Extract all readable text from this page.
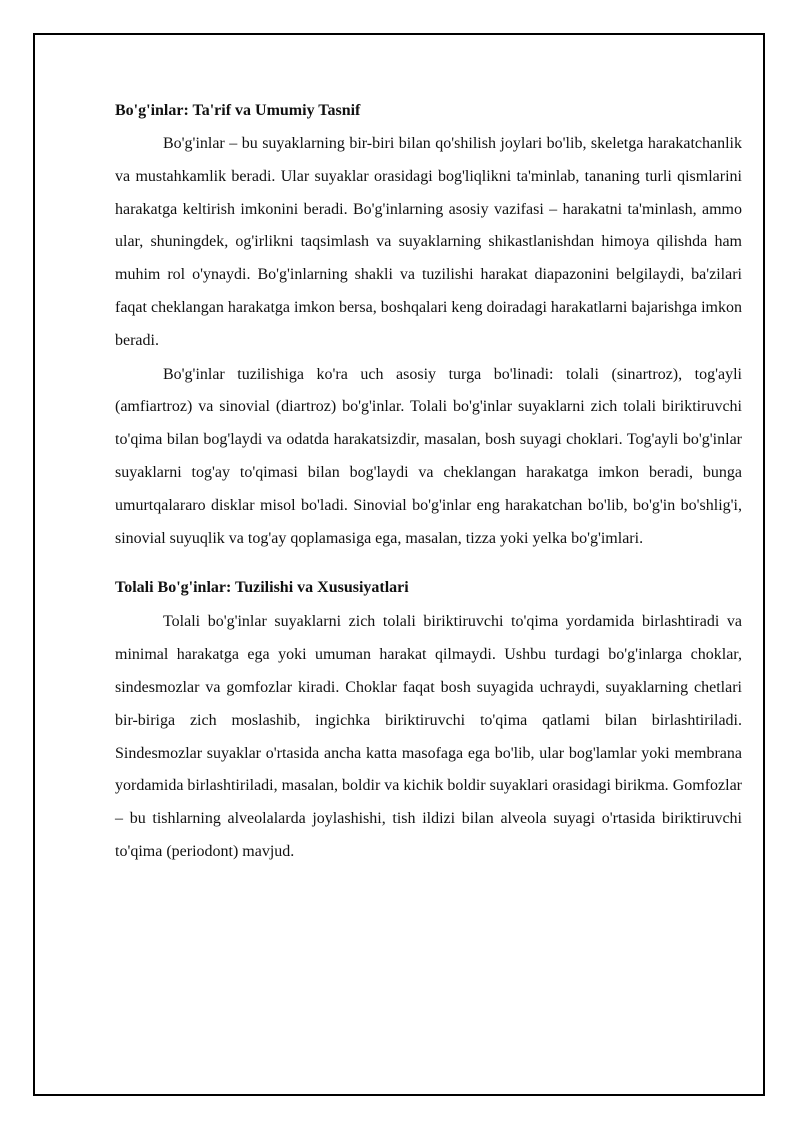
Bo'g'inlar: Ta'rif va Umumiy Tasnif

Bo'g'inlar – bu suyaklarning bir-biri bilan qo'shilish joylari bo'lib, skeletga harakatchanlik va mustahkamlik beradi. Ular suyaklar orasidagi bog'liqlikni ta'minlab, tananing turli qismlarini harakatga keltirish imkonini beradi. Bo'g'inlarning asosiy vazifasi – harakatni ta'minlash, ammo ular, shuningdek, og'irlikni taqsimlash va suyaklarning shikastlanishdan himoya qilishda ham muhim rol o'ynaydi. Bo'g'inlarning shakli va tuzilishi harakat diapazonini belgilaydi, ba'zilari faqat cheklangan harakatga imkon bersa, boshqalari keng doiradagi harakatlarni bajarishga imkon beradi.

Bo'g'inlar tuzilishiga ko'ra uch asosiy turga bo'linadi: tolali (sinartroz), tog'ayli (amfiartroz) va sinovial (diartroz) bo'g'inlar. Tolali bo'g'inlar suyaklarni zich tolali biriktiruvchi to'qima bilan bog'laydi va odatda harakatsizdir, masalan, bosh suyagi choklari. Tog'ayli bo'g'inlar suyaklarni tog'ay to'qimasi bilan bog'laydi va cheklangan harakatga imkon beradi, bunga umurtqalararo disklar misol bo'ladi. Sinovial bo'g'inlar eng harakatchan bo'lib, bo'g'in bo'shlig'i, sinovial suyuqlik va tog'ay qoplamasiga ega, masalan, tizza yoki yelka bo'g'imlari.

Tolali Bo'g'inlar: Tuzilishi va Xususiyatlari

Tolali bo'g'inlar suyaklarni zich tolali biriktiruvchi to'qima yordamida birlashtiradi va minimal harakatga ega yoki umuman harakat qilmaydi. Ushbu turdagi bo'g'inlarga choklar, sindesmozlar va gomfozlar kiradi. Choklar faqat bosh suyagida uchraydi, suyaklarning chetlari bir-biriga zich moslashib, ingichka biriktiruvchi to'qima qatlami bilan birlashtiriladi. Sindesmozlar suyaklar o'rtasida ancha katta masofaga ega bo'lib, ular bog'lamlar yoki membrana yordamida birlashtiriladi, masalan, boldir va kichik boldir suyaklari orasidagi birikma. Gomfozlar – bu tishlarning alveolalarda joylashishi, tish ildizi bilan alveola suyagi o'rtasida biriktiruvchi to'qima (periodont) mavjud.
